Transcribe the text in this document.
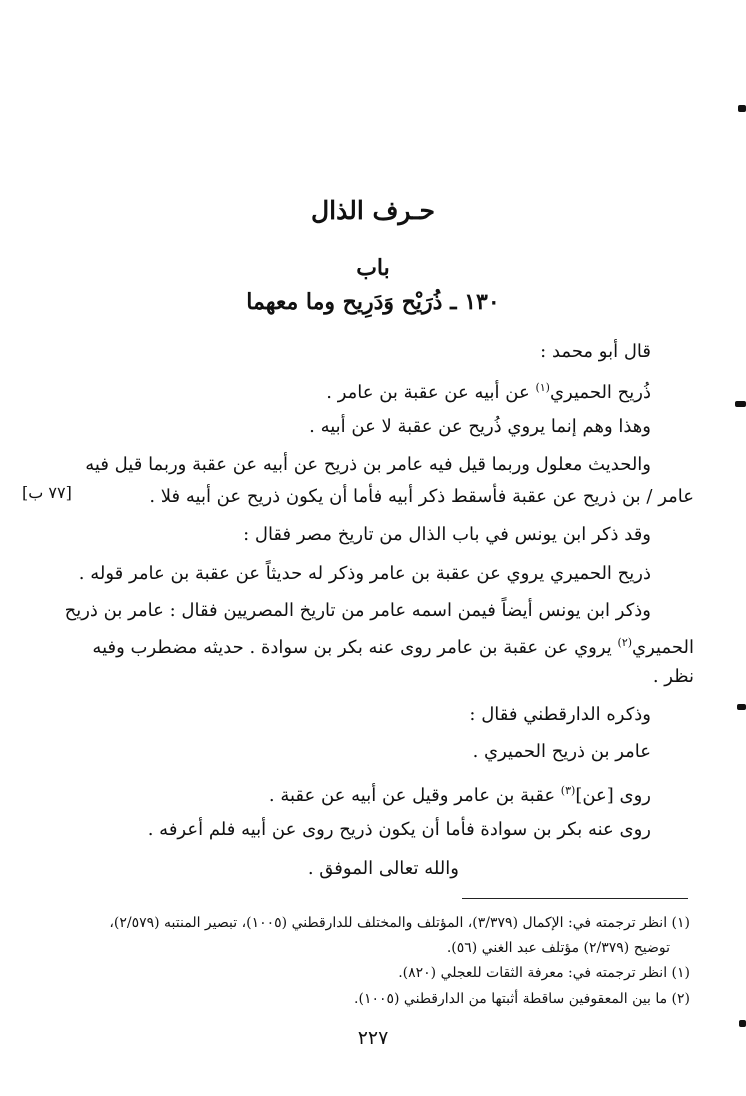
حـرف الذال
باب
١٣٠ ـ ذُرَيْح وَدَرِيح وما معهما
قال أبو محمد :
ذُريح الحميري$^{(١)}$ عن أبيه عن عقبة بن عامر .
وهذا وهم إنما يروي ذُريح عن عقبة لا عن أبيه .
والحديث معلول وربما قيل فيه عامر بن ذريح عن أبيه عن عقبة وربما قيل فيه
عامر / بن ذريح عن عقبة فأسقط ذكر أبيه فأما أن يكون ذريح عن أبيه فلا .
[٧٧ ب]
وقد ذكر ابن يونس في باب الذال من تاريخ مصر فقال :
ذريح الحميري يروي عن عقبة بن عامر وذكر له حديثاً عن عقبة بن عامر قوله .
وذكر ابن يونس أيضاً فيمن اسمه عامر من تاريخ المصريين فقال : عامر بن ذريح
الحميري$^{(٢)}$ يروي عن عقبة بن عامر روى عنه بكر بن سوادة . حديثه مضطرب وفيه
نظر .
وذكره الدارقطني فقال :
عامر بن ذريح الحميري .
روى [عن]$^{(٣)}$ عقبة بن عامر وقيل عن أبيه عن عقبة .
روى عنه بكر بن سوادة فأما أن يكون ذريح روى عن أبيه فلم أعرفه .
والله تعالى الموفق .
(١) انظر ترجمته في: الإكمال (٣/٣٧٩)، المؤتلف والمختلف للدارقطني (١٠٠٥)، تبصير المنتبه (٢/٥٧٩)،
توضيح (٢/٣٧٩) مؤتلف عبد الغني (٥٦).
(١) انظر ترجمته في: معرفة الثقات للعجلي (٨٢٠).
(٢) ما بين المعقوفين ساقطة أثبتها من الدارقطني (١٠٠٥).
٢٢٧
